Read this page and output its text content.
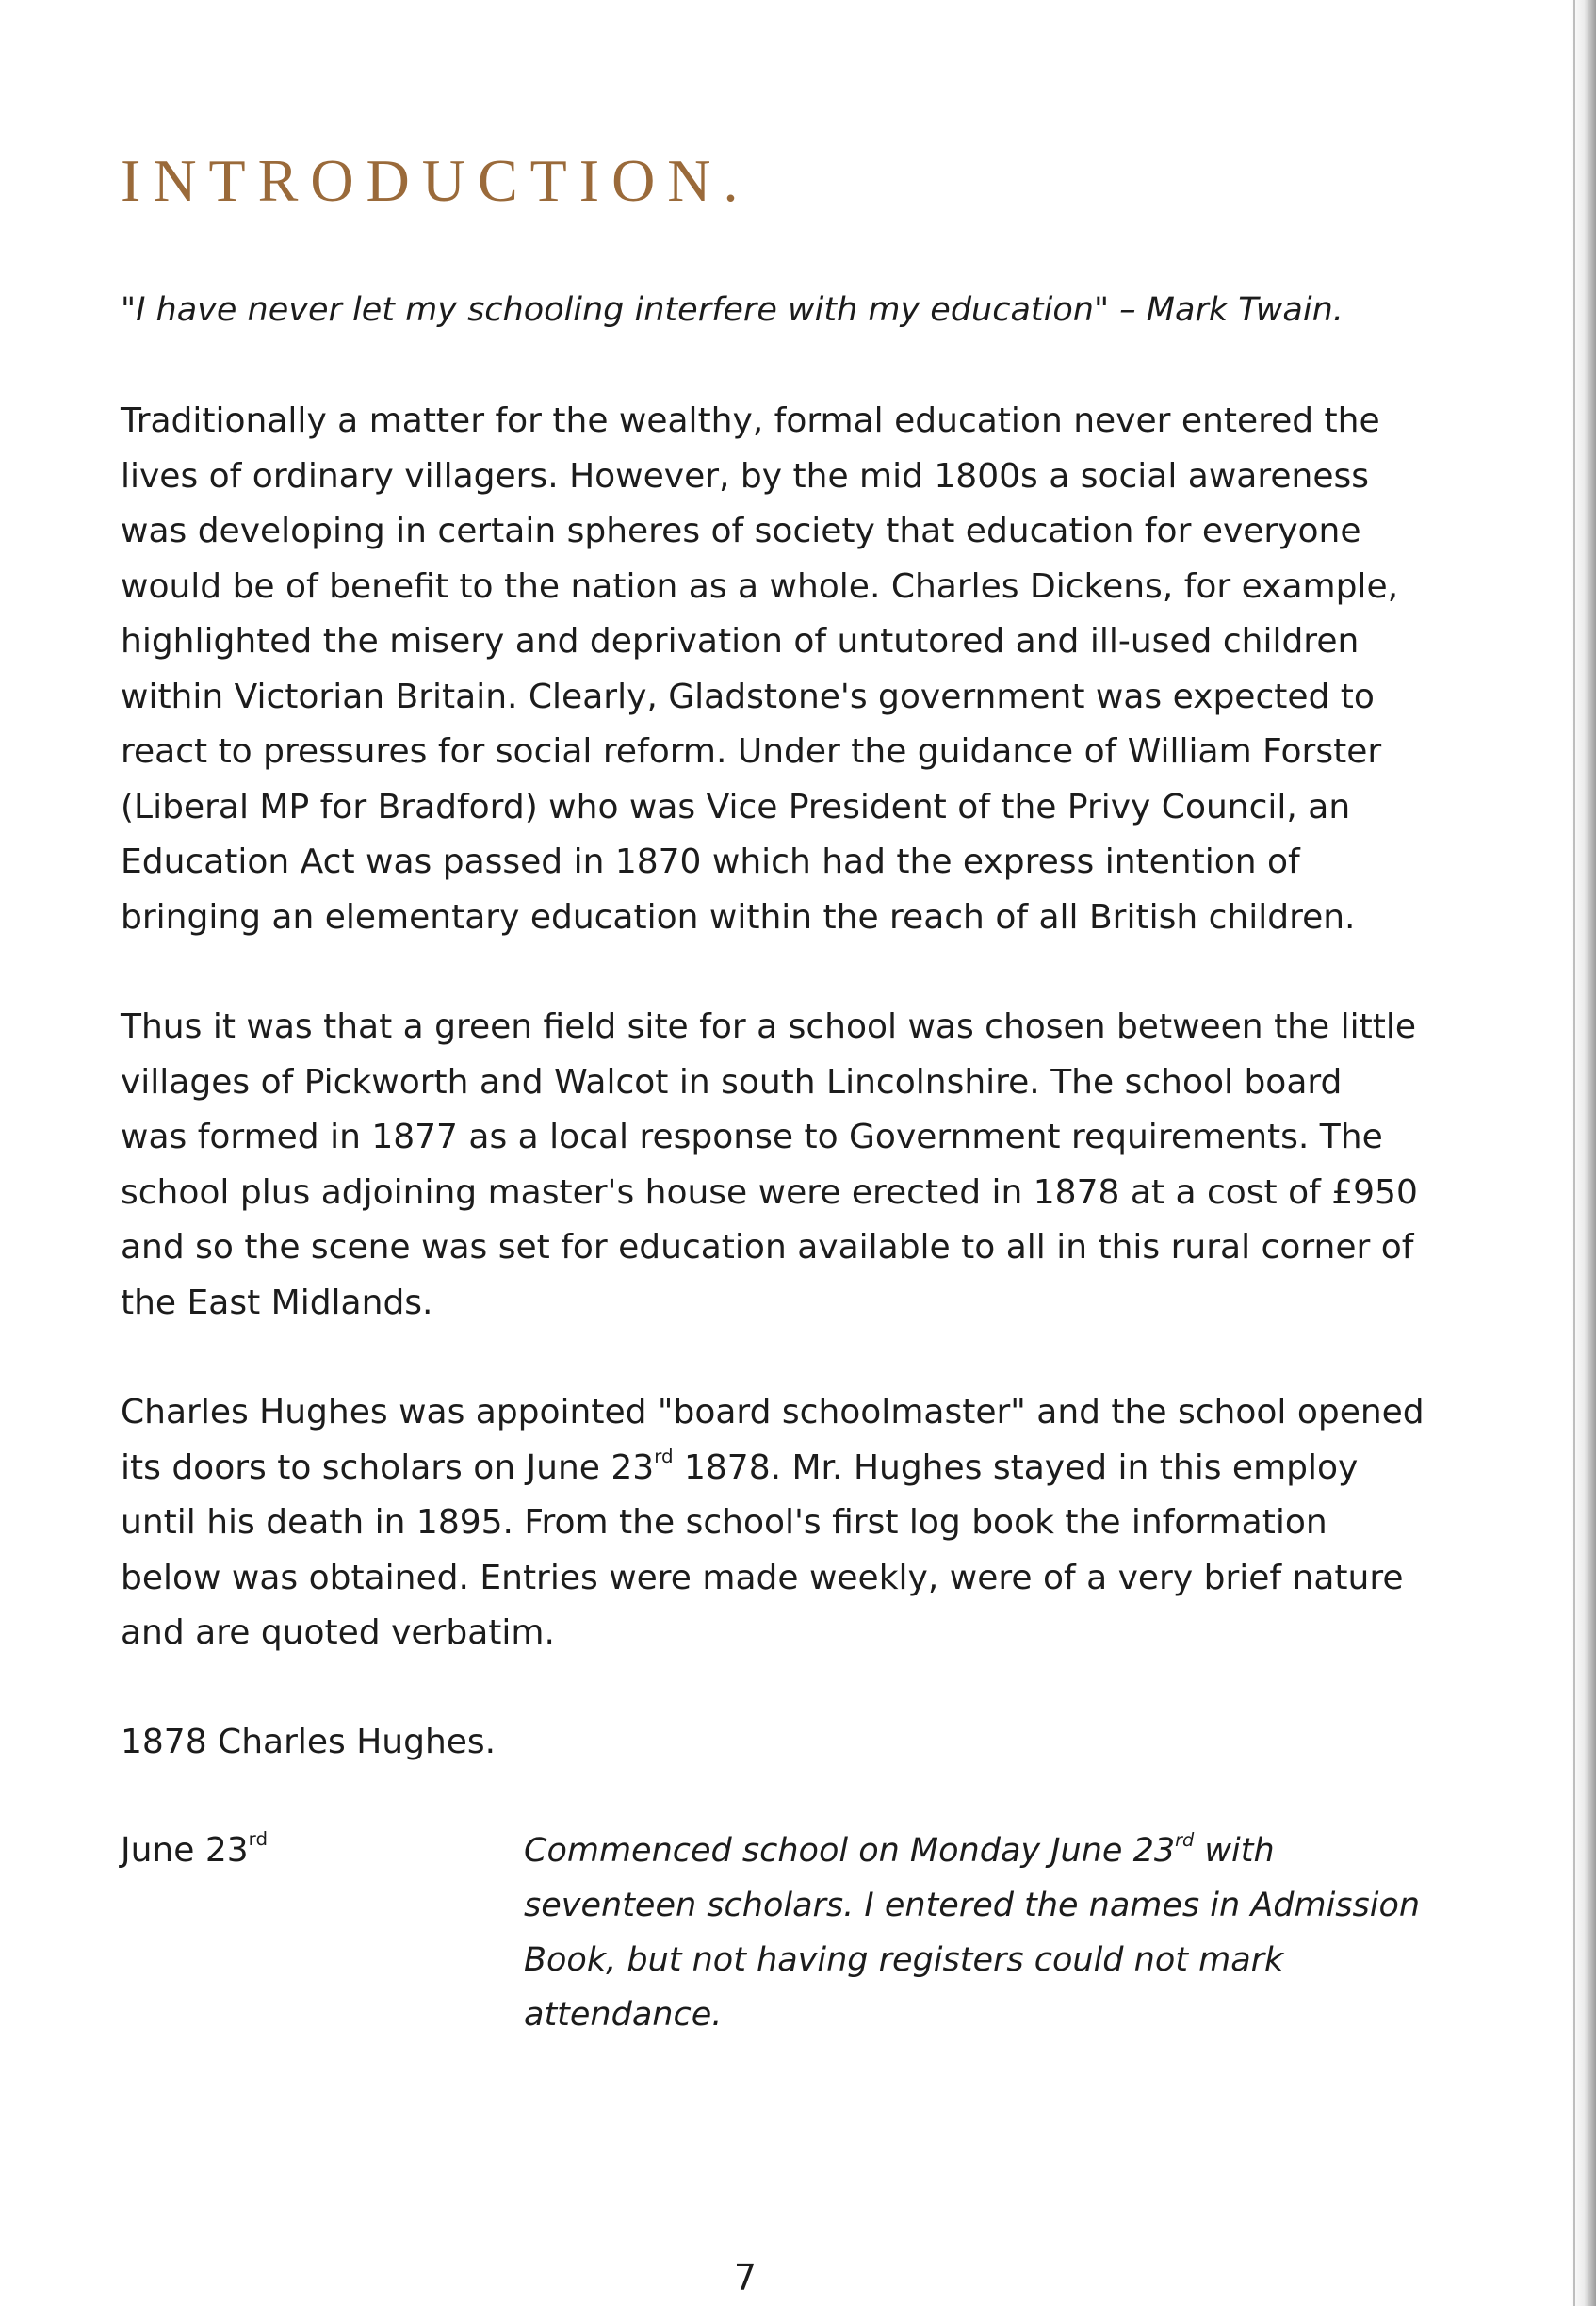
INTRODUCTION.

"I have never let my schooling interfere with my education" – Mark Twain.

Traditionally a matter for the wealthy, formal education never entered the
lives of ordinary villagers. However, by the mid 1800s a social awareness
was developing in certain spheres of society that education for everyone
would be of benefit to the nation as a whole. Charles Dickens, for example,
highlighted the misery and deprivation of untutored and ill-used children
within Victorian Britain. Clearly, Gladstone's government was expected to
react to pressures for social reform. Under the guidance of William Forster
(Liberal MP for Bradford) who was Vice President of the Privy Council, an
Education Act was passed in 1870 which had the express intention of
bringing an elementary education within the reach of all British children.

Thus it was that a green field site for a school was chosen between the little
villages of Pickworth and Walcot in south Lincolnshire. The school board
was formed in 1877 as a local response to Government requirements. The
school plus adjoining master's house were erected in 1878 at a cost of £950
and so the scene was set for education available to all in this rural corner of
the East Midlands.

Charles Hughes was appointed "board schoolmaster" and the school opened
its doors to scholars on June 23rd 1878. Mr. Hughes stayed in this employ
until his death in 1895. From the school's first log book the information
below was obtained. Entries were made weekly, were of a very brief nature
and are quoted verbatim.

1878 Charles Hughes.

June 23rd	Commenced school on Monday June 23rd with
seventeen scholars. I entered the names in Admission
Book, but not having registers could not mark
attendance.

7
